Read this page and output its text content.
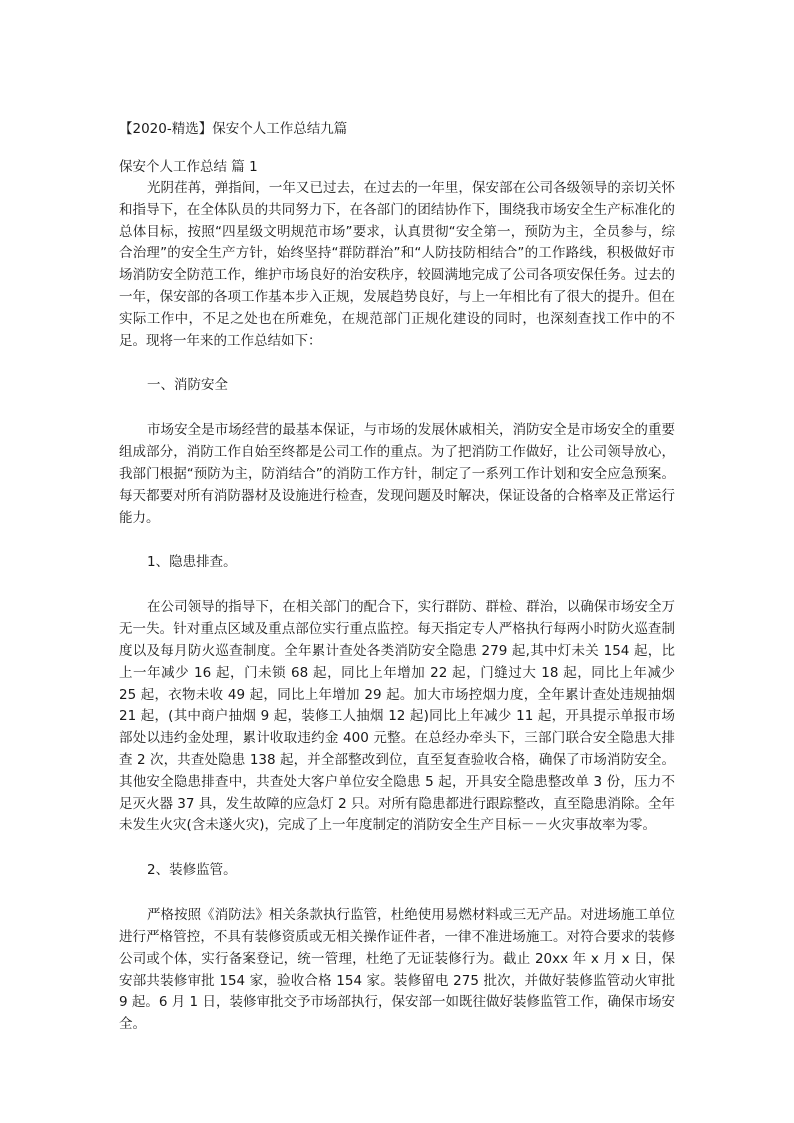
【2020-精选】保安个人工作总结九篇

保安个人工作总结 篇 1

光阴荏苒，弹指间，一年又已过去，在过去的一年里，保安部在公司各级领导的亲切关怀和指导下，在全体队员的共同努力下，在各部门的团结协作下，围绕我市场安全生产标准化的总体目标，按照“四星级文明规范市场”要求，认真贯彻“安全第一，预防为主，全员参与，综合治理”的安全生产方针，始终坚持“群防群治”和“人防技防相结合”的工作路线，积极做好市场消防安全防范工作，维护市场良好的治安秩序，较圆满地完成了公司各项安保任务。过去的一年，保安部的各项工作基本步入正规，发展趋势良好，与上一年相比有了很大的提升。但在实际工作中，不足之处也在所难免，在规范部门正规化建设的同时，也深刻查找工作中的不足。现将一年来的工作总结如下：

一、消防安全

市场安全是市场经营的最基本保证，与市场的发展休戚相关，消防安全是市场安全的重要组成部分，消防工作自始至终都是公司工作的重点。为了把消防工作做好，让公司领导放心，我部门根据“预防为主，防消结合”的消防工作方针，制定了一系列工作计划和安全应急预案。每天都要对所有消防器材及设施进行检查，发现问题及时解决，保证设备的合格率及正常运行能力。

1、隐患排查。

在公司领导的指导下，在相关部门的配合下，实行群防、群检、群治，以确保市场安全万无一失。针对重点区域及重点部位实行重点监控。每天指定专人严格执行每两小时防火巡查制度以及每月防火巡查制度。全年累计查处各类消防安全隐患 279 起,其中灯未关 154 起，比上一年减少 16 起，门未锁 68 起，同比上年增加 22 起，门缝过大 18 起，同比上年减少 25 起，衣物未收 49 起，同比上年增加 29 起。加大市场控烟力度，全年累计查处违规抽烟 21 起，(其中商户抽烟 9 起，装修工人抽烟 12 起)同比上年减少 11 起，开具提示单报市场部处以违约金处理，累计收取违约金 400 元整。在总经办牵头下，三部门联合安全隐患大排查 2 次，共查处隐患 138 起，并全部整改到位，直至复查验收合格，确保了市场消防安全。其他安全隐患排查中，共查处大客户单位安全隐患 5 起，开具安全隐患整改单 3 份，压力不足灭火器 37 具，发生故障的应急灯 2 只。对所有隐患都进行跟踪整改，直至隐患消除。全年未发生火灾(含未遂火灾)，完成了上一年度制定的消防安全生产目标－－火灾事故率为零。

2、装修监管。

严格按照《消防法》相关条款执行监管，杜绝使用易燃材料或三无产品。对进场施工单位进行严格管控，不具有装修资质或无相关操作证件者，一律不准进场施工。对符合要求的装修公司或个体，实行备案登记，统一管理，杜绝了无证装修行为。截止 20xx 年 x 月 x 日，保安部共装修审批 154 家，验收合格 154 家。装修留电 275 批次，并做好装修监管动火审批 9 起。6 月 1 日，装修审批交予市场部执行，保安部一如既往做好装修监管工作，确保市场安全。
